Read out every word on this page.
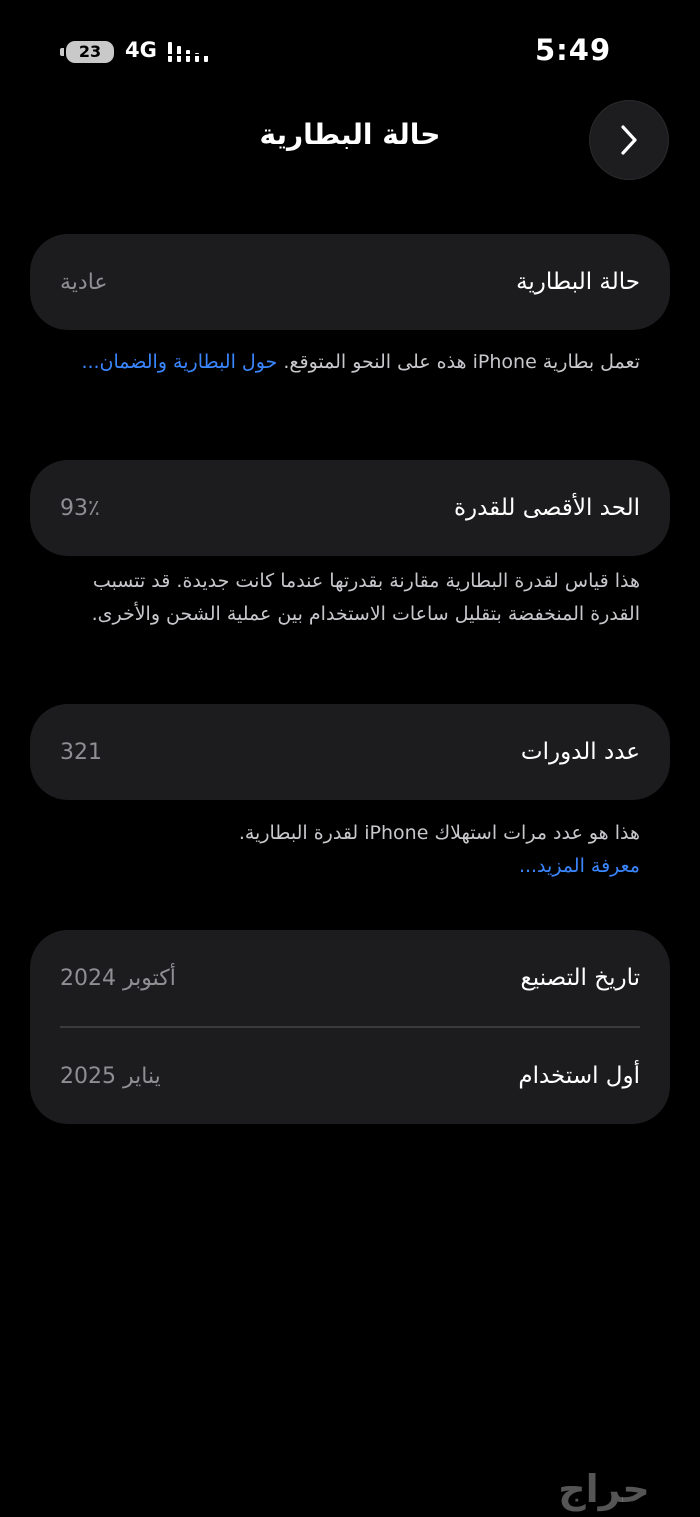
23	4G	5:49
حالة البطارية
حالة البطارية
عادية
تعمل بطارية iPhone هذه على النحو المتوقع. حول البطارية والضمان...
الحد الأقصى للقدرة
93٪
هذا قياس لقدرة البطارية مقارنة بقدرتها عندما كانت جديدة. قد تتسبب القدرة المنخفضة بتقليل ساعات الاستخدام بين عملية الشحن والأخرى.
عدد الدورات
321
هذا هو عدد مرات استهلاك iPhone لقدرة البطارية.
معرفة المزيد...
تاريخ التصنيع
أكتوبر 2024
أول استخدام
يناير 2025
حراج
